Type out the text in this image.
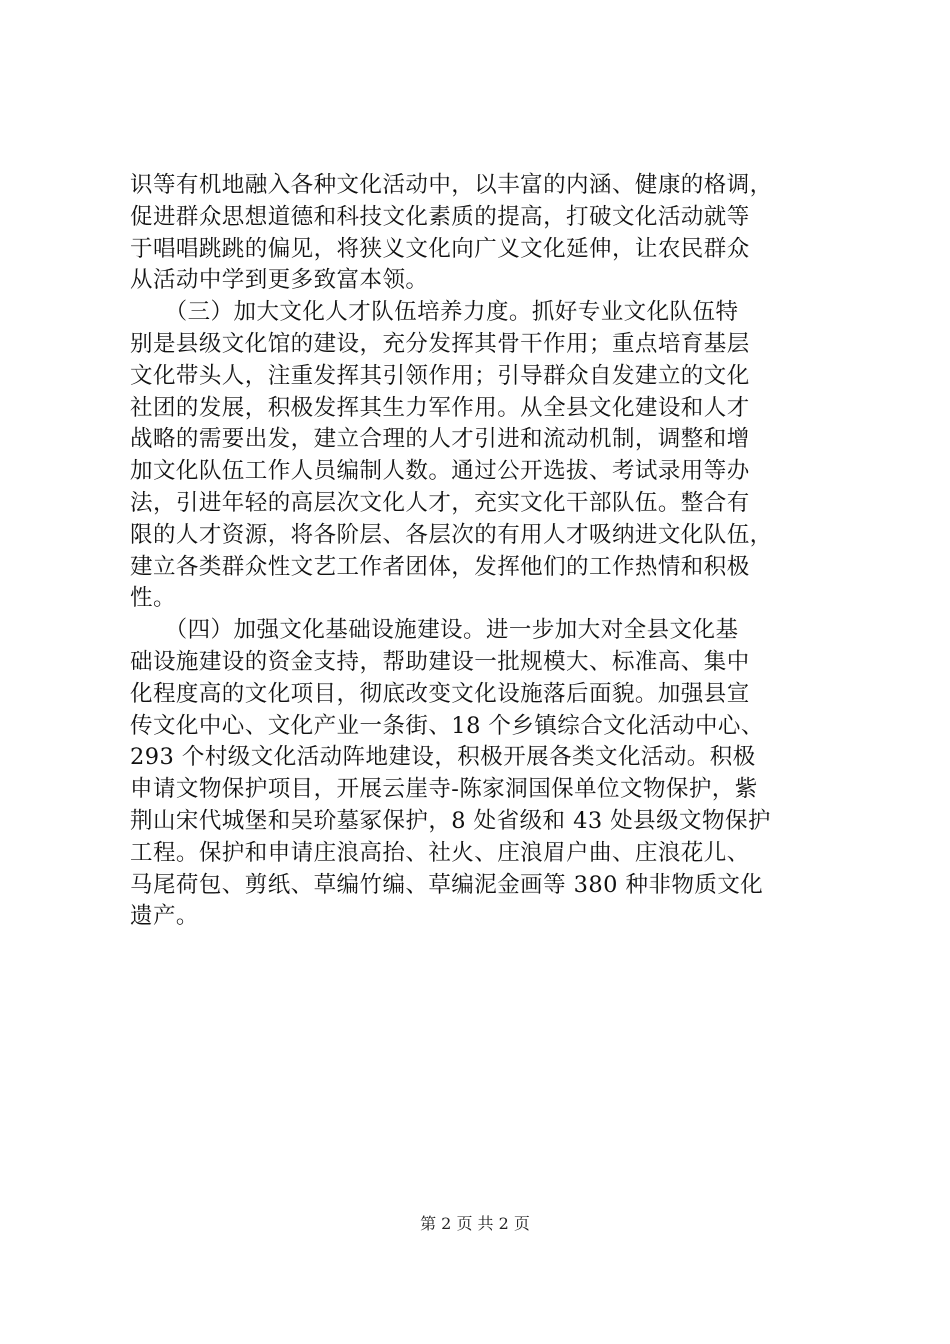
识等有机地融入各种文化活动中，以丰富的内涵、健康的格调，
促进群众思想道德和科技文化素质的提高，打破文化活动就等
于唱唱跳跳的偏见，将狭义文化向广义文化延伸，让农民群众
从活动中学到更多致富本领。
　　（三）加大文化人才队伍培养力度。抓好专业文化队伍特
别是县级文化馆的建设，充分发挥其骨干作用；重点培育基层
文化带头人，注重发挥其引领作用；引导群众自发建立的文化
社团的发展，积极发挥其生力军作用。从全县文化建设和人才
战略的需要出发，建立合理的人才引进和流动机制，调整和增
加文化队伍工作人员编制人数。通过公开选拔、考试录用等办
法，引进年轻的高层次文化人才，充实文化干部队伍。整合有
限的人才资源，将各阶层、各层次的有用人才吸纳进文化队伍，
建立各类群众性文艺工作者团体，发挥他们的工作热情和积极
性。
　　（四）加强文化基础设施建设。进一步加大对全县文化基
础设施建设的资金支持，帮助建设一批规模大、标准高、集中
化程度高的文化项目，彻底改变文化设施落后面貌。加强县宣
传文化中心、文化产业一条街、18 个乡镇综合文化活动中心、
293 个村级文化活动阵地建设，积极开展各类文化活动。积极
申请文物保护项目，开展云崖寺-陈家洞国保单位文物保护，紫
荆山宋代城堡和吴玠墓冢保护，8 处省级和 43 处县级文物保护
工程。保护和申请庄浪高抬、社火、庄浪眉户曲、庄浪花儿、
马尾荷包、剪纸、草编竹编、草编泥金画等 380 种非物质文化
遗产。
第 2 页 共 2 页
